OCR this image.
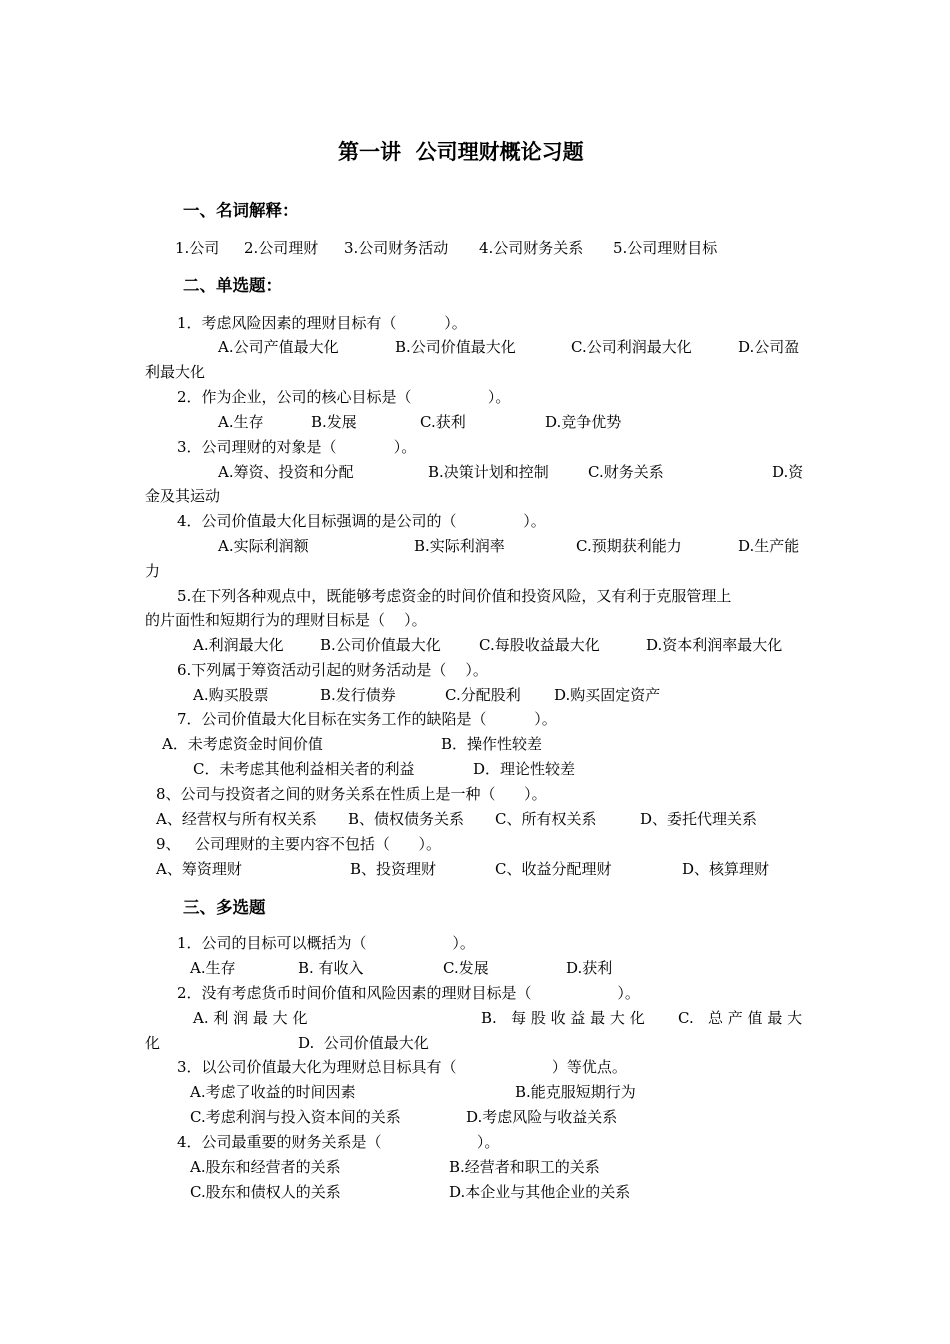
第一讲  公司理财概论习题
一、名词解释：
1.公司 2.公司理财 3.公司财务活动 4.公司财务关系 5.公司理财目标
二、单选题：
1．考虑风险因素的理财目标有（          ）。
A.公司产值最大化	B.公司价值最大化	C.公司利润最大化	D.公司盈
利最大化
2．作为企业，公司的核心目标是（                ）。
A.生存	B.发展	C.获利	D.竞争优势
3．公司理财的对象是（            ）。
A.筹资、投资和分配	B.决策计划和控制	C.财务关系	D.资
金及其运动
4．公司价值最大化目标强调的是公司的（              ）。
A.实际利润额	B.实际利润率	C.预期获利能力	D.生产能
力
5.在下列各种观点中，既能够考虑资金的时间价值和投资风险，又有利于克服管理上
的片面性和短期行为的理财目标是（    ）。
A.利润最大化 B.公司价值最大化	C.每股收益最大化	D.资本利润率最大化
6.下列属于筹资活动引起的财务活动是（    ）。
A.购买股票	B.发行债券	C.分配股利 D.购买固定资产
7．公司价值最大化目标在实务工作的缺陷是（          ）。
A．未考虑资金时间价值	B．操作性较差
C．未考虑其他利益相关者的利益	D．理论性较差
8、公司与投资者之间的财务关系在性质上是一种（      ）。
A、经营权与所有权关系 B、债权债务关系 C、所有权关系	D、委托代理关系
9、   公司理财的主要内容不包括（      ）。
A、筹资理财	B、投资理财	C、收益分配理财	D、核算理财
三、多选题
1．公司的目标可以概括为（                  ）。
A.生存	B. 有收入	C.发展	D.获利
2．没有考虑货币时间价值和风险因素的理财目标是（                  ）。
A. 利 润 最 大 化	B.   每 股 收 益 最 大 化 C.   总 产 值 最 大
化	D.  公司价值最大化
3．以公司价值最大化为理财总目标具有（                    ）等优点。
A.考虑了收益的时间因素	B.能克服短期行为
C.考虑利润与投入资本间的关系	D.考虑风险与收益关系
4．公司最重要的财务关系是（                    ）。
A.股东和经营者的关系	B.经营者和职工的关系
C.股东和债权人的关系	D.本企业与其他企业的关系
